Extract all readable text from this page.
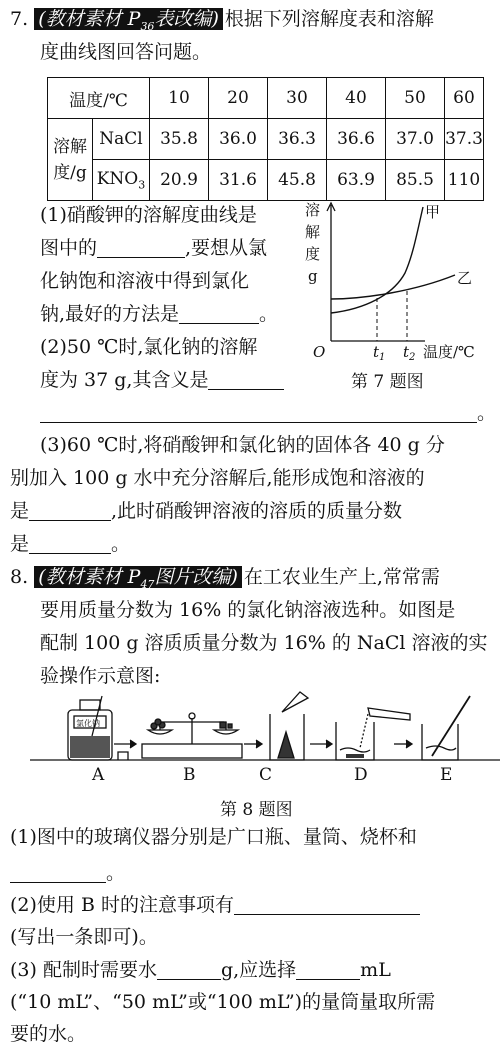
7. (教材素材 $P_{36}$表改编) 根据下列溶解度表和溶解
度曲线图回答问题。
温度/℃		10	20	30	40	50	60

溶解
度/g	NaCl	35.8	36.0	36.3	36.6	37.0	37.3
	$KNO_3$	20.9	31.6	45.8	63.9	85.5	110
(1)硝酸钾的溶解度曲线是
图中的	,要想从氯
化钠饱和溶液中得到氯化
钠,最好的方法是	。
(2)50 ℃时,氯化钠的溶解
度为 37 g,其含义是
。
溶
解
度
g
O
甲
乙
$t_1$ $t_2$ 温度/℃
第 7 题图
(3)60 ℃时,将硝酸钾和氯化钠的固体各 40 g 分
别加入 100 g 水中充分溶解后,能形成饱和溶液的
是	,此时硝酸钾溶液的溶质的质量分数
是	。
8. (教材素材 $P_{47}$图片改编) 在工农业生产上,常常需
要用质量分数为 16% 的氯化钠溶液选种。如图是
配制 100 g 溶质质量分数为 16% 的 NaCl 溶液的实
验操作示意图:
氯化钠
A	B	C	D	E
第 8 题图
(1)图中的玻璃仪器分别是广口瓶、量筒、烧杯和
。
(2)使用 B 时的注意事项有
(写出一条即可)。
(3) 配制时需要水	g,应选择	mL
(“10 mL”、“50 mL”或“100 mL”)的量筒量取所需
要的水。
